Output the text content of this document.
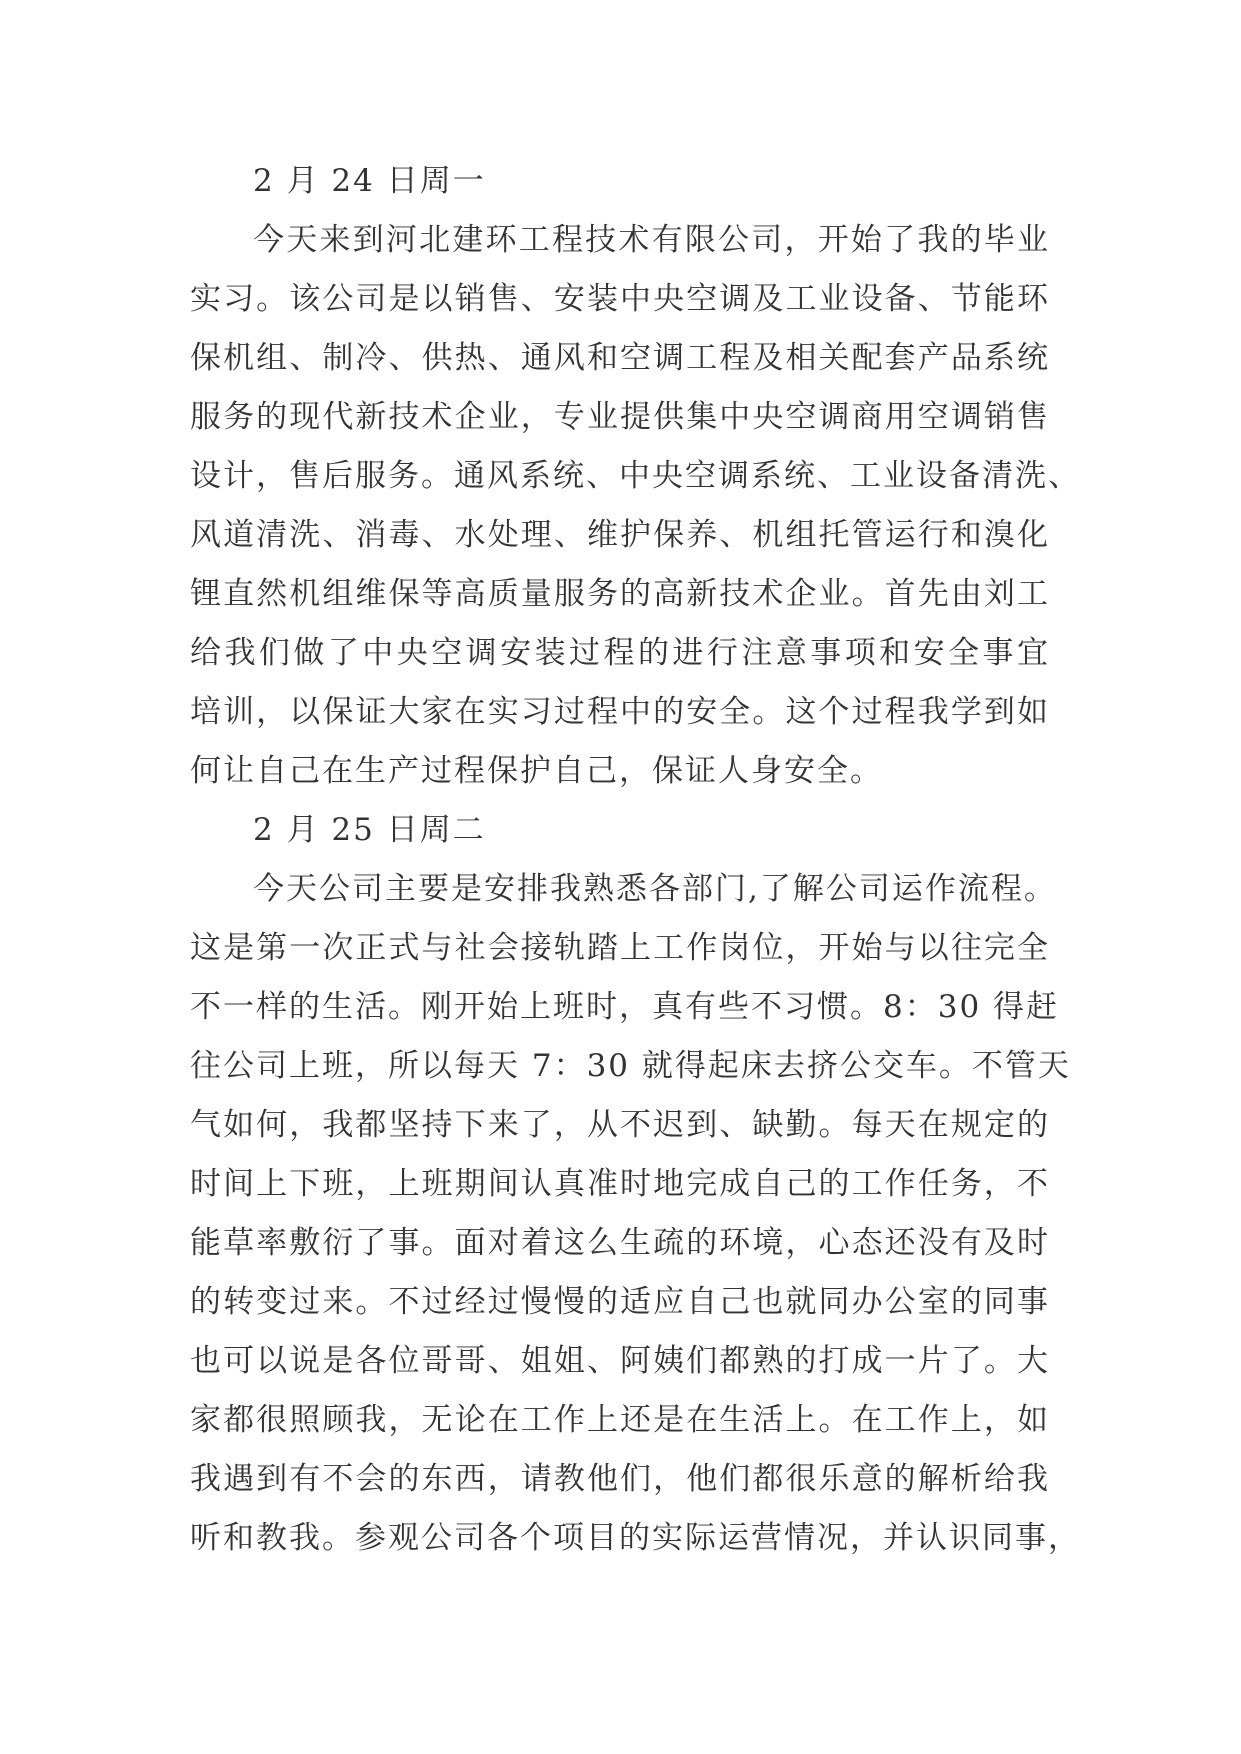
2 月 24 日周一
今天来到河北建环工程技术有限公司，开始了我的毕业
实习。该公司是以销售、安装中央空调及工业设备、节能环
保机组、制冷、供热、通风和空调工程及相关配套产品系统
服务的现代新技术企业，专业提供集中央空调商用空调销售
设计，售后服务。通风系统、中央空调系统、工业设备清洗、
风道清洗、消毒、水处理、维护保养、机组托管运行和溴化
锂直然机组维保等高质量服务的高新技术企业。首先由刘工
给我们做了中央空调安装过程的进行注意事项和安全事宜
培训，以保证大家在实习过程中的安全。这个过程我学到如
何让自己在生产过程保护自己，保证人身安全。
2 月 25 日周二
今天公司主要是安排我熟悉各部门,了解公司运作流程。
这是第一次正式与社会接轨踏上工作岗位，开始与以往完全
不一样的生活。刚开始上班时，真有些不习惯。8：30 得赶
往公司上班，所以每天 7：30 就得起床去挤公交车。不管天
气如何，我都坚持下来了，从不迟到、缺勤。每天在规定的
时间上下班，上班期间认真准时地完成自己的工作任务，不
能草率敷衍了事。面对着这么生疏的环境，心态还没有及时
的转变过来。不过经过慢慢的适应自己也就同办公室的同事
也可以说是各位哥哥、姐姐、阿姨们都熟的打成一片了。大
家都很照顾我，无论在工作上还是在生活上。在工作上，如
我遇到有不会的东西，请教他们，他们都很乐意的解析给我
听和教我。参观公司各个项目的实际运营情况，并认识同事，
